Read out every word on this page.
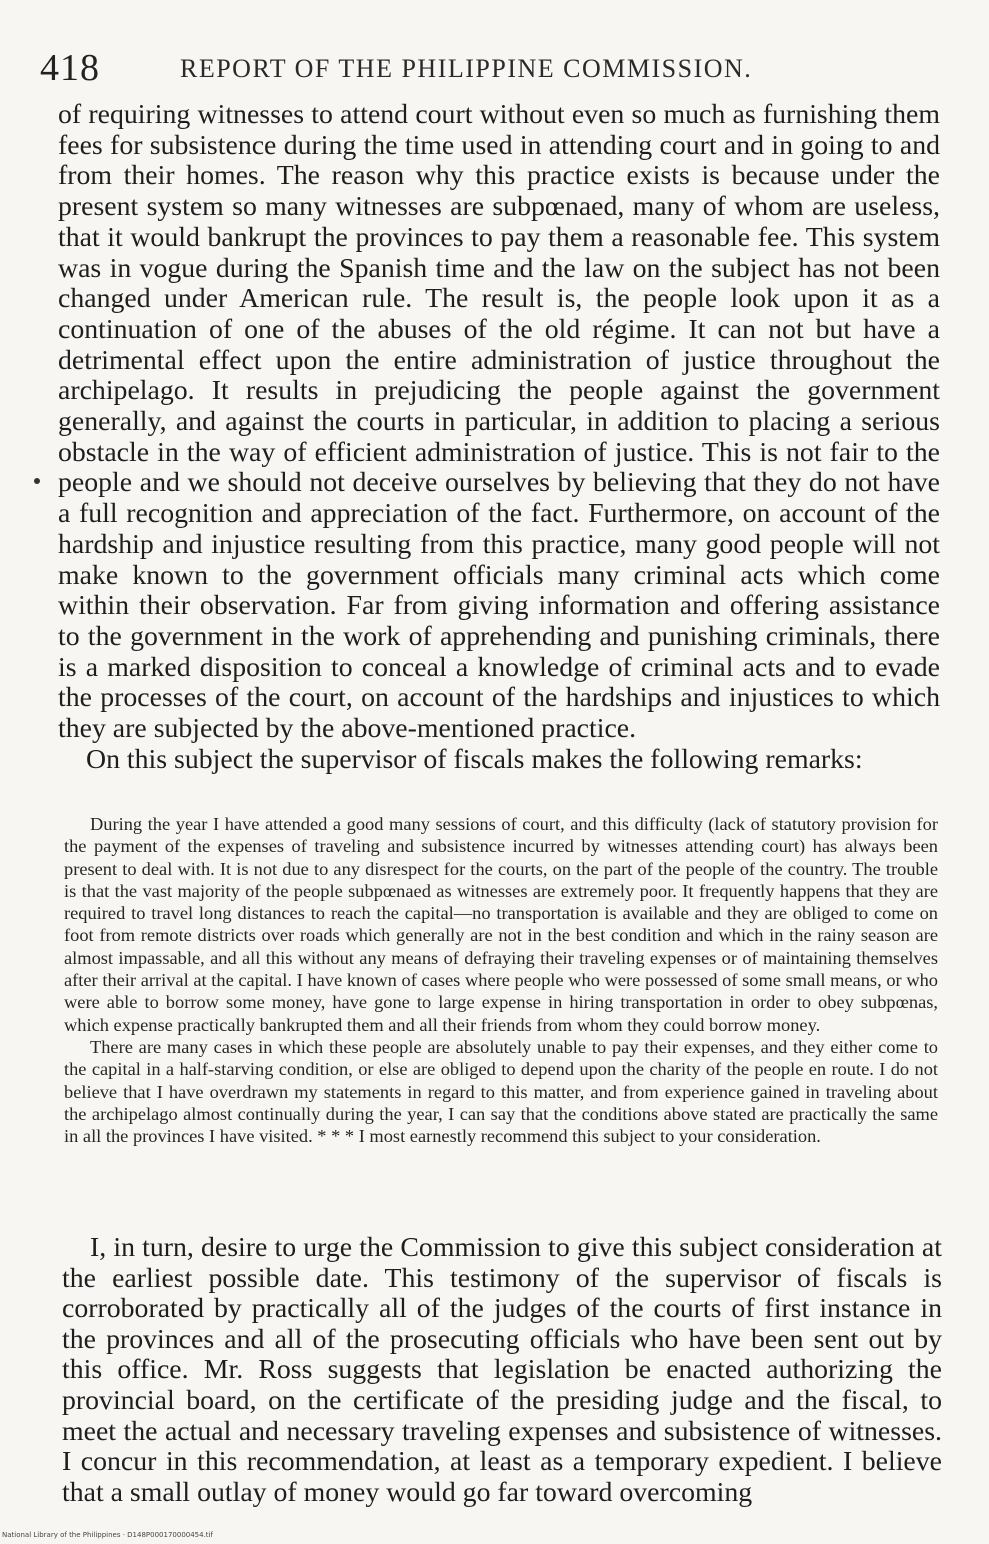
418	REPORT OF THE PHILIPPINE COMMISSION.

of requiring witnesses to attend court without even so much as furnishing them fees for subsistence during the time used in attending court and in going to and from their homes. The reason why this practice exists is because under the present system so many witnesses are subpœnaed, many of whom are useless, that it would bankrupt the provinces to pay them a reasonable fee. This system was in vogue during the Spanish time and the law on the subject has not been changed under American rule. The result is, the people look upon it as a continuation of one of the abuses of the old régime. It can not but have a detrimental effect upon the entire administration of justice throughout the archipelago. It results in prejudicing the people against the government generally, and against the courts in particular, in addition to placing a serious obstacle in the way of efficient administration of justice. This is not fair to the people and we should not deceive ourselves by believing that they do not have a full recognition and appreciation of the fact. Furthermore, on account of the hardship and injustice resulting from this practice, many good people will not make known to the government officials many criminal acts which come within their observation. Far from giving information and offering assistance to the government in the work of apprehending and punishing criminals, there is a marked disposition to conceal a knowledge of criminal acts and to evade the processes of the court, on account of the hardships and injustices to which they are subjected by the above-mentioned practice.

On this subject the supervisor of fiscals makes the following remarks:

During the year I have attended a good many sessions of court, and this difficulty (lack of statutory provision for the payment of the expenses of traveling and subsistence incurred by witnesses attending court) has always been present to deal with. It is not due to any disrespect for the courts, on the part of the people of the country. The trouble is that the vast majority of the people subpœnaed as witnesses are extremely poor. It frequently happens that they are required to travel long distances to reach the capital—no transportation is available and they are obliged to come on foot from remote districts over roads which generally are not in the best condition and which in the rainy season are almost impassable, and all this without any means of defraying their traveling expenses or of maintaining themselves after their arrival at the capital. I have known of cases where people who were possessed of some small means, or who were able to borrow some money, have gone to large expense in hiring transportation in order to obey subpœnas, which expense practically bankrupted them and all their friends from whom they could borrow money.

There are many cases in which these people are absolutely unable to pay their expenses, and they either come to the capital in a half-starving condition, or else are obliged to depend upon the charity of the people en route. I do not believe that I have overdrawn my statements in regard to this matter, and from experience gained in traveling about the archipelago almost continually during the year, I can say that the conditions above stated are practically the same in all the provinces I have visited. * * * I most earnestly recommend this subject to your consideration.

I, in turn, desire to urge the Commission to give this subject consideration at the earliest possible date. This testimony of the supervisor of fiscals is corroborated by practically all of the judges of the courts of first instance in the provinces and all of the prosecuting officials who have been sent out by this office. Mr. Ross suggests that legislation be enacted authorizing the provincial board, on the certificate of the presiding judge and the fiscal, to meet the actual and necessary traveling expenses and subsistence of witnesses. I concur in this recommendation, at least as a temporary expedient. I believe that a small outlay of money would go far toward overcoming

National Library of the Philippines · D148P000170000454.tif
